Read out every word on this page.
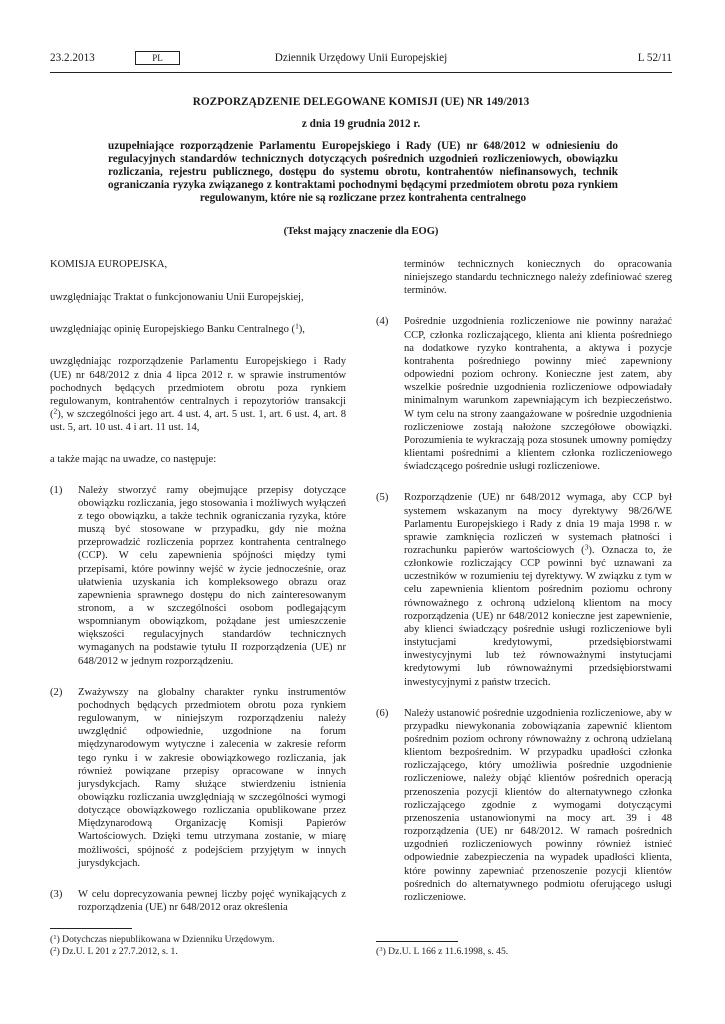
23.2.2013	PL	Dziennik Urzędowy Unii Europejskiej	L 52/11
ROZPORZĄDZENIE DELEGOWANE KOMISJI (UE) NR 149/2013
z dnia 19 grudnia 2012 r.
uzupełniające rozporządzenie Parlamentu Europejskiego i Rady (UE) nr 648/2012 w odniesieniu do regulacyjnych standardów technicznych dotyczących pośrednich uzgodnień rozliczeniowych, obowiązku rozliczania, rejestru publicznego, dostępu do systemu obrotu, kontrahentów niefinansowych, technik ograniczania ryzyka związanego z kontraktami pochodnymi będącymi przedmiotem obrotu poza rynkiem regulowanym, które nie są rozliczane przez kontrahenta centralnego
(Tekst mający znaczenie dla EOG)

KOMISJA EUROPEJSKA,

uwzględniając Traktat o funkcjonowaniu Unii Europejskiej,

uwzględniając opinię Europejskiego Banku Centralnego ($^1$),

uwzględniając rozporządzenie Parlamentu Europejskiego i Rady (UE) nr 648/2012 z dnia 4 lipca 2012 r. w sprawie instrumentów pochodnych będących przedmiotem obrotu poza rynkiem regulowanym, kontrahentów centralnych i repozytoriów transakcji ($^2$), w szczególności jego art. 4 ust. 4, art. 5 ust. 1, art. 6 ust. 4, art. 8 ust. 5, art. 10 ust. 4 i art. 11 ust. 14,

a także mając na uwadze, co następuje:

(1) Należy stworzyć ramy obejmujące przepisy dotyczące obowiązku rozliczania, jego stosowania i możliwych wyłączeń z tego obowiązku, a także technik ograniczania ryzyka, które muszą być stosowane w przypadku, gdy nie można przeprowadzić rozliczenia poprzez kontrahenta centralnego (CCP). W celu zapewnienia spójności między tymi przepisami, które powinny wejść w życie jednocześnie, oraz ułatwienia uzyskania ich kompleksowego obrazu oraz zapewnienia sprawnego dostępu do nich zainteresowanym stronom, a w szczególności osobom podlegającym wspomnianym obowiązkom, pożądane jest umieszczenie większości regulacyjnych standardów technicznych wymaganych na podstawie tytułu II rozporządzenia (UE) nr 648/2012 w jednym rozporządzeniu.
(2) Zważywszy na globalny charakter rynku instrumentów pochodnych będących przedmiotem obrotu poza rynkiem regulowanym, w niniejszym rozporządzeniu należy uwzględnić odpowiednie, uzgodnione na forum międzynarodowym wytyczne i zalecenia w zakresie reform tego rynku i w zakresie obowiązkowego rozliczania, jak również powiązane przepisy opracowane w innych jurysdykcjach. Ramy służące stwierdzeniu istnienia obowiązku rozliczania uwzględniają w szczególności wymogi dotyczące obowiązkowego rozliczania opublikowane przez Międzynarodową Organizację Komisji Papierów Wartościowych. Dzięki temu utrzymana zostanie, w miarę możliwości, spójność z podejściem przyjętym w innych jurysdykcjach.
(3) W celu doprecyzowania pewnej liczby pojęć wynikających z rozporządzenia (UE) nr 648/2012 oraz określenia
($^1$) Dotychczas niepublikowana w Dzienniku Urzędowym.
($^2$) Dz.U. L 201 z 27.7.2012, s. 1.
terminów technicznych koniecznych do opracowania niniejszego standardu technicznego należy zdefiniować szereg terminów.
(4) Pośrednie uzgodnienia rozliczeniowe nie powinny narażać CCP, członka rozliczającego, klienta ani klienta pośredniego na dodatkowe ryzyko kontrahenta, a aktywa i pozycje kontrahenta pośredniego powinny mieć zapewniony odpowiedni poziom ochrony. Konieczne jest zatem, aby wszelkie pośrednie uzgodnienia rozliczeniowe odpowiadały minimalnym warunkom zapewniającym ich bezpieczeństwo. W tym celu na strony zaangażowane w pośrednie uzgodnienia rozliczeniowe zostają nałożone szczegółowe obowiązki. Porozumienia te wykraczają poza stosunek umowny pomiędzy klientami pośrednimi a klientem członka rozliczeniowego świadczącego pośrednie usługi rozliczeniowe.
(5) Rozporządzenie (UE) nr 648/2012 wymaga, aby CCP był systemem wskazanym na mocy dyrektywy 98/26/WE Parlamentu Europejskiego i Rady z dnia 19 maja 1998 r. w sprawie zamknięcia rozliczeń w systemach płatności i rozrachunku papierów wartościowych ($^3$). Oznacza to, że członkowie rozliczający CCP powinni być uznawani za uczestników w rozumieniu tej dyrektywy. W związku z tym w celu zapewnienia klientom pośrednim poziomu ochrony równoważnego z ochroną udzieloną klientom na mocy rozporządzenia (UE) nr 648/2012 konieczne jest zapewnienie, aby klienci świadczący pośrednie usługi rozliczeniowe byli instytucjami kredytowymi, przedsiębiorstwami inwestycyjnymi lub też równoważnymi instytucjami kredytowymi lub równoważnymi przedsiębiorstwami inwestycyjnymi z państw trzecich.
(6) Należy ustanowić pośrednie uzgodnienia rozliczeniowe, aby w przypadku niewykonania zobowiązania zapewnić klientom pośrednim poziom ochrony równoważny z ochroną udzielaną klientom bezpośrednim. W przypadku upadłości członka rozliczającego, który umożliwia pośrednie uzgodnienie rozliczeniowe, należy objąć klientów pośrednich operacją przenoszenia pozycji klientów do alternatywnego członka rozliczającego zgodnie z wymogami dotyczącymi przenoszenia ustanowionymi na mocy art. 39 i 48 rozporządzenia (UE) nr 648/2012. W ramach pośrednich uzgodnień rozliczeniowych powinny również istnieć odpowiednie zabezpieczenia na wypadek upadłości klienta, które powinny zapewniać przenoszenie pozycji klientów pośrednich do alternatywnego podmiotu oferującego usługi rozliczeniowe.
($^3$) Dz.U. L 166 z 11.6.1998, s. 45.
